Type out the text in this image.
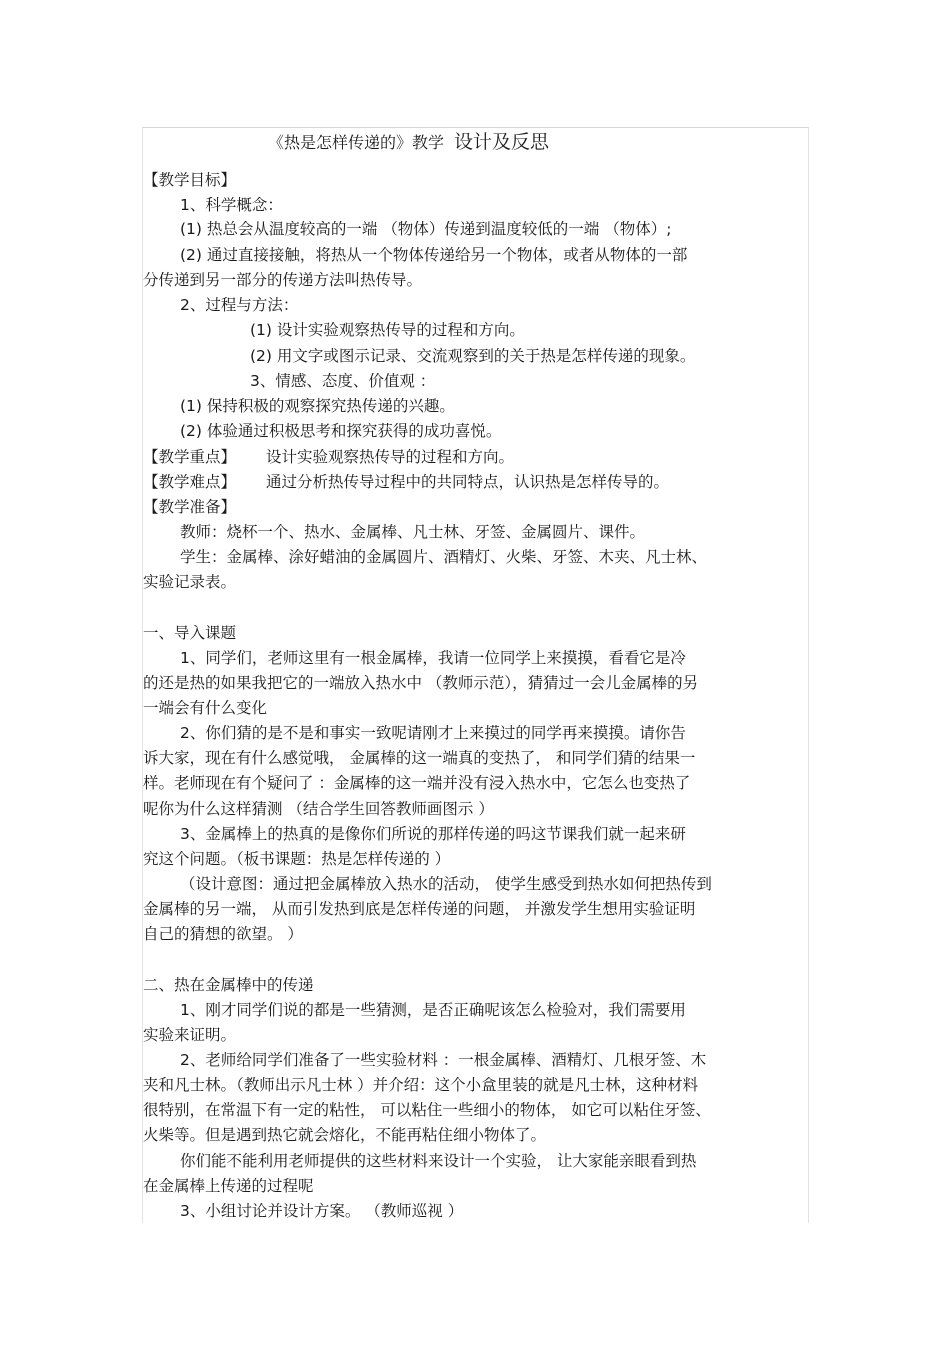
《热是怎样传递的》教学 设计及反思
【教学目标】
1、科学概念：
(1) 热总会从温度较高的一端 （物体）传递到温度较低的一端 （物体）;
(2) 通过直接接触，将热从一个物体传递给另一个物体，或者从物体的一部
分传递到另一部分的传递方法叫热传导。
2、过程与方法：
(1) 设计实验观察热传导的过程和方向。
(2) 用文字或图示记录、交流观察到的关于热是怎样传递的现象。
3、情感、态度、价值观 ：
(1) 保持积极的观察探究热传递的兴趣。
(2) 体验通过积极思考和探究获得的成功喜悦。
【教学重点】 设计实验观察热传导的过程和方向。
【教学难点】 通过分析热传导过程中的共同特点，认识热是怎样传导的。
【教学准备】
教师：烧杯一个、热水、金属棒、凡士林、牙签、金属圆片、课件。
学生：金属棒、涂好蜡油的金属圆片、酒精灯、火柴、牙签、木夹、凡士林、
实验记录表。
一、导入课题
1、同学们，老师这里有一根金属棒，我请一位同学上来摸摸，看看它是冷
的还是热的如果我把它的一端放入热水中 （教师示范），猜猜过一会儿金属棒的另
一端会有什么变化
2、你们猜的是不是和事实一致呢请刚才上来摸过的同学再来摸摸。请你告
诉大家，现在有什么感觉哦， 金属棒的这一端真的变热了， 和同学们猜的结果一
样。老师现在有个疑问了 ：金属棒的这一端并没有浸入热水中，它怎么也变热了
呢你为什么这样猜测 （结合学生回答教师画图示 ）
3、金属棒上的热真的是像你们所说的那样传递的吗这节课我们就一起来研
究这个问题。（板书课题：热是怎样传递的 ）
（设计意图：通过把金属棒放入热水的活动， 使学生感受到热水如何把热传到
金属棒的另一端， 从而引发热到底是怎样传递的问题， 并激发学生想用实验证明
自己的猜想的欲望。 ）
二、热在金属棒中的传递
1、刚才同学们说的都是一些猜测，是否正确呢该怎么检验对，我们需要用
实验来证明。
2、老师给同学们准备了一些实验材料 ：一根金属棒、酒精灯、几根牙签、木
夹和凡士林。（教师出示凡士林 ）并介绍：这个小盒里装的就是凡士林，这种材料
很特别，在常温下有一定的粘性， 可以粘住一些细小的物体， 如它可以粘住牙签、
火柴等。但是遇到热它就会熔化，不能再粘住细小物体了。
你们能不能利用老师提供的这些材料来设计一个实验， 让大家能亲眼看到热
在金属棒上传递的过程呢
3、小组讨论并设计方案。 （教师巡视 ）
